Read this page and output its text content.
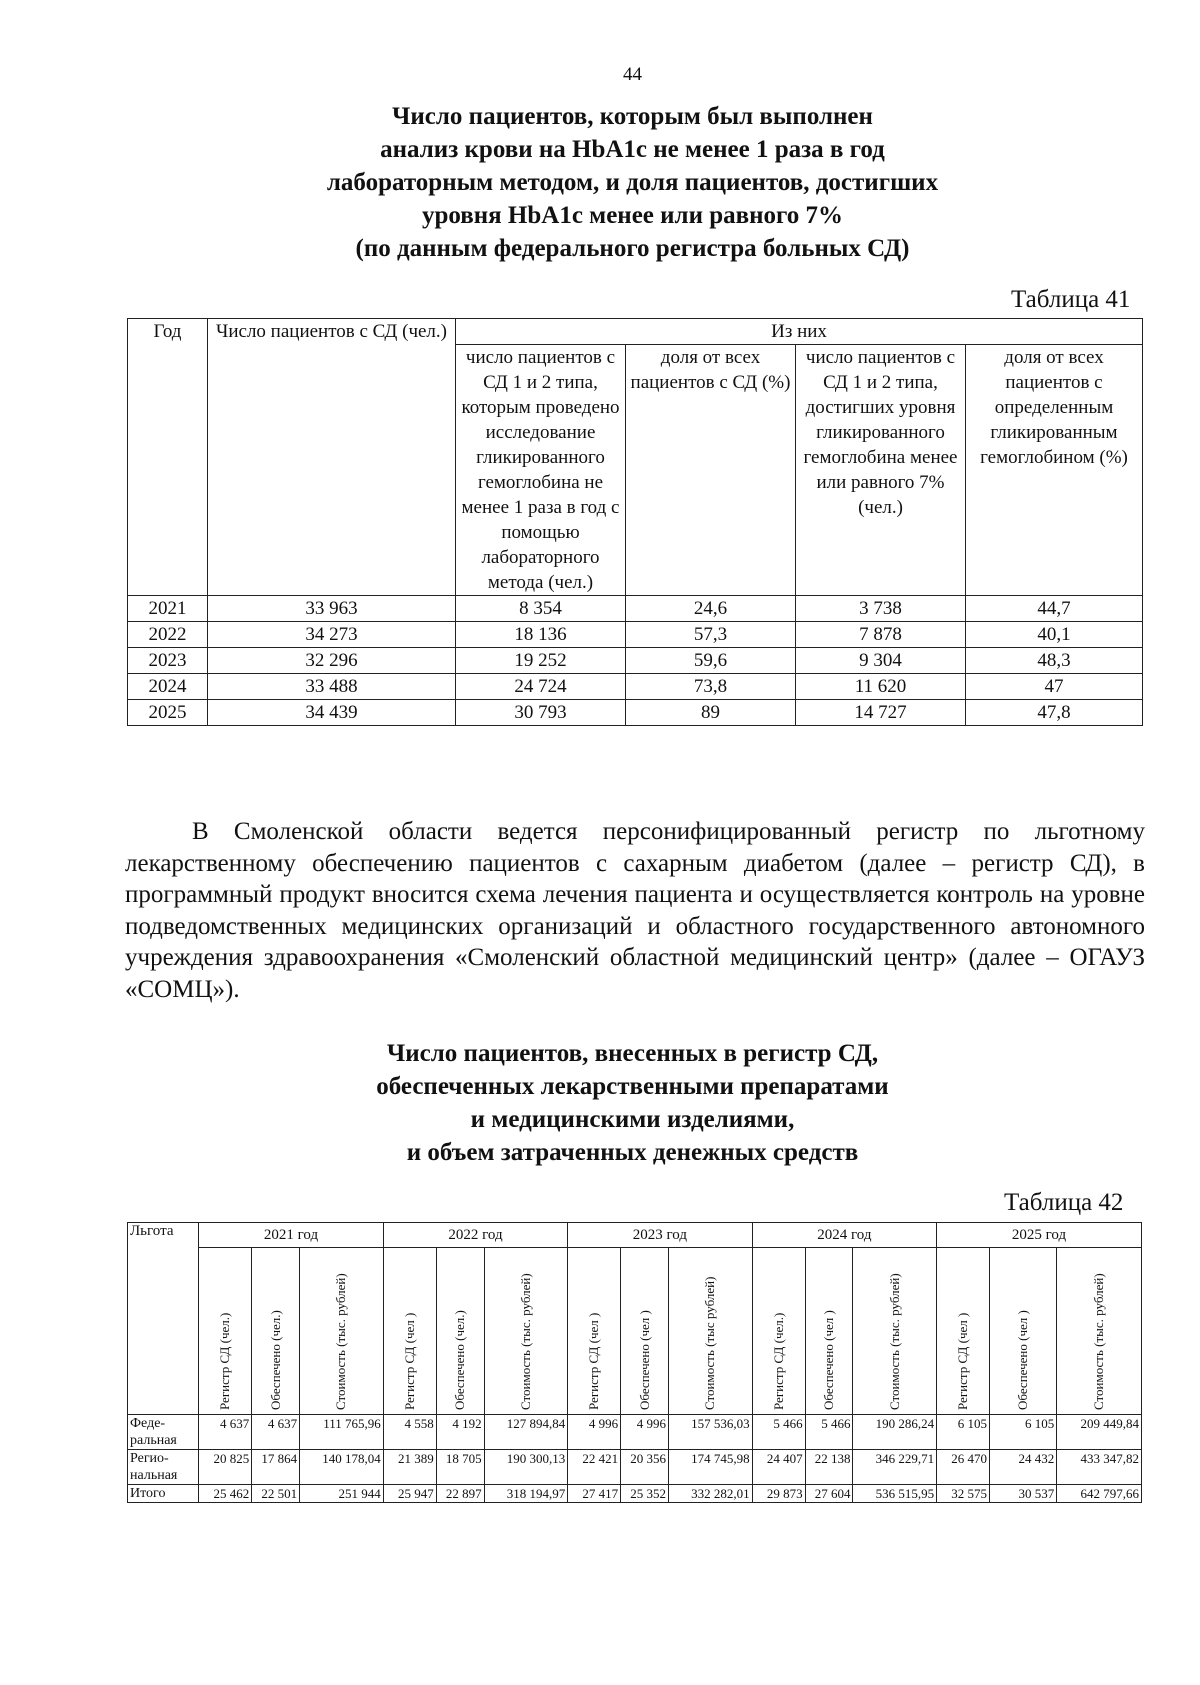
44
Число пациентов, которым был выполнен
анализ крови на HbA1c не менее 1 раза в год
лабораторным методом, и доля пациентов, достигших
уровня HbA1c менее или равного 7%
(по данным федерального регистра больных СД)
Таблица 41
Год	Число пациентов с СД (чел.)	Из них			
		число пациентов с СД 1 и 2 типа, которым проведено исследование гликированного гемоглобина не менее 1 раза в год с помощью лабораторного метода (чел.)	доля от всех пациентов с СД (%)	число пациентов с СД 1 и 2 типа, достигших уровня гликированного гемоглобина менее или равного 7% (чел.)	доля от всех пациентов с определенным гликированным гемоглобином (%)
2021	33 963	8 354	24,6	3 738	44,7
2022	34 273	18 136	57,3	7 878	40,1
2023	32 296	19 252	59,6	9 304	48,3
2024	33 488	24 724	73,8	11 620	47
2025	34 439	30 793	89	14 727	47,8

В Смоленской области ведется персонифицированный регистр по льготному лекарственному обеспечению пациентов с сахарным диабетом (далее – регистр СД), в программный продукт вносится схема лечения пациента и осуществляется контроль на уровне подведомственных медицинских организаций и областного государственного автономного учреждения здравоохранения «Смоленский областной медицинский центр» (далее – ОГАУЗ «СОМЦ»).

Число пациентов, внесенных в регистр СД,
обеспеченных лекарственными препаратами
и медицинскими изделиями,
и объем затраченных денежных средств
Таблица 42
Льгота	2021 год			2022 год			2023 год			2024 год			2025 год		
	Регистр СД (чел.)	Обеспечено (чел.)	Стоимость (тыс. рублей)	Регистр СД (чел )	Обеспечено (чел.)	Стоимость (тыс. рублей)	Регистр СД (чел )	Обеспечено (чел )	Стоимость (тыс рублей)	Регистр СД (чел.)	Обеспечено (чел )	Стоимость (тыс. рублей)	Регистр СД (чел )	Обеспечено (чел )	Стоимость (тыс. рублей)
Феде-ральная	4 637	4 637	111 765,96	4 558	4 192	127 894,84	4 996	4 996	157 536,03	5 466	5 466	190 286,24	6 105	6 105	209 449,84
Регио-нальная	20 825	17 864	140 178,04	21 389	18 705	190 300,13	22 421	20 356	174 745,98	24 407	22 138	346 229,71	26 470	24 432	433 347,82
Итого	25 462	22 501	251 944	25 947	22 897	318 194,97	27 417	25 352	332 282,01	29 873	27 604	536 515,95	32 575	30 537	642 797,66
